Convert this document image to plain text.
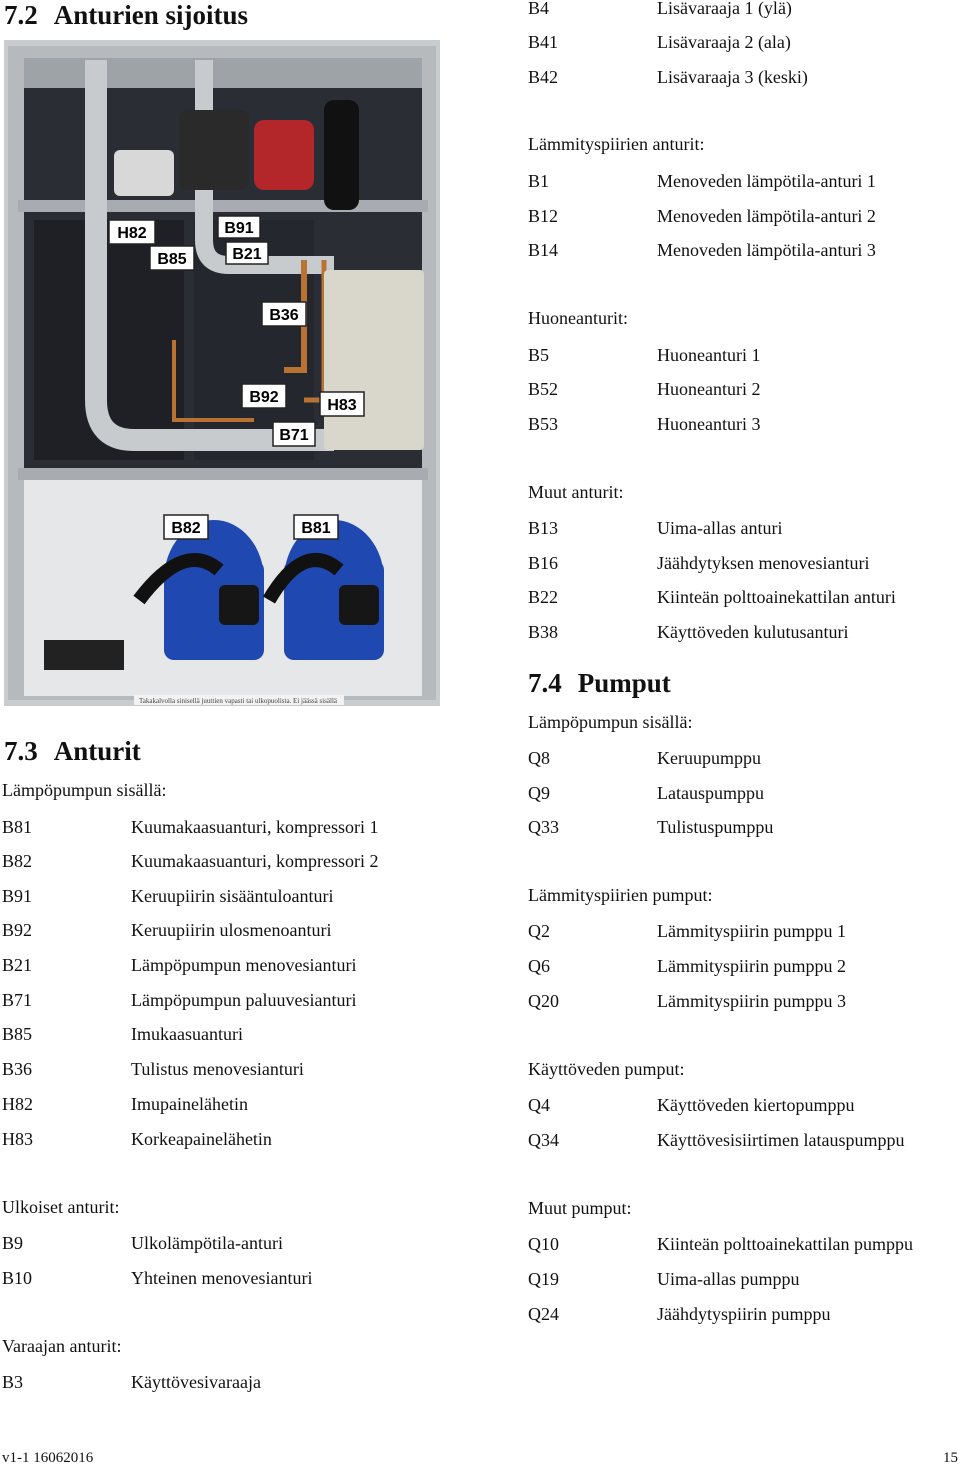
7.2 Anturien sijoitus
Takakalvolla sinisellä juuttien vapasti tai ulkopuolista. Ei jäässä sisällä
H82
B85
B91
B21
B36
B92	H83
B71
B82	B81
B4	Lisävaraaja 1 (ylä)
B41	Lisävaraaja 2 (ala)
B42	Lisävaraaja 3 (keski)
Lämmityspiirien anturit:
B1	Menoveden lämpötila-anturi 1
B12	Menoveden lämpötila-anturi 2
B14	Menoveden lämpötila-anturi 3
Huoneanturit:
B5	Huoneanturi 1
B52	Huoneanturi 2
B53	Huoneanturi 3
Muut anturit:
B13	Uima-allas anturi
B16	Jäähdytyksen menovesianturi
B22	Kiinteän polttoainekattilan anturi
B38	Käyttöveden kulutusanturi
7.4 Pumput
Lämpöpumpun sisällä:
Q8	Keruupumppu
Q9	Latauspumppu
Q33	Tulistuspumppu
Lämmityspiirien pumput:
Q2	Lämmityspiirin pumppu 1
Q6	Lämmityspiirin pumppu 2
Q20	Lämmityspiirin pumppu 3
Käyttöveden pumput:
Q4	Käyttöveden kiertopumppu
Q34	Käyttövesisiirtimen latauspumppu
Muut pumput:
Q10	Kiinteän polttoainekattilan pumppu
Q19	Uima-allas pumppu
Q24	Jäähdytyspiirin pumppu
7.3 Anturit
Lämpöpumpun sisällä:
B81	Kuumakaasuanturi, kompressori 1
B82	Kuumakaasuanturi, kompressori 2
B91	Keruupiirin sisääntuloanturi
B92	Keruupiirin ulosmenoanturi
B21	Lämpöpumpun menovesianturi
B71	Lämpöpumpun paluuvesianturi
B85	Imukaasuanturi
B36	Tulistus menovesianturi
H82	Imupainelähetin
H83	Korkeapainelähetin
Ulkoiset anturit:
B9	Ulkolämpötila-anturi
B10	Yhteinen menovesianturi
Varaajan anturit:
B3	Käyttövesivaraaja
v1-1 16062016	15
